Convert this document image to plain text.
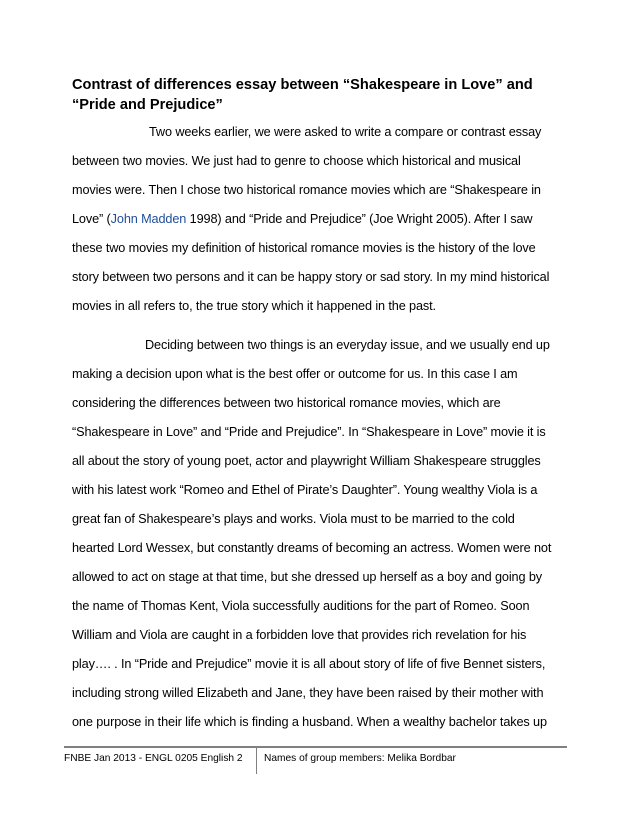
Contrast of differences essay between “Shakespeare in Love” and
“Pride and Prejudice”
Two weeks earlier, we were asked to write a compare or contrast essay
between two movies. We just had to genre to choose which historical and musical
movies were. Then I chose two historical romance movies which are “Shakespeare in
Love” (John Madden 1998) and “Pride and Prejudice” (Joe Wright 2005). After I saw
these two movies my definition of historical romance movies is the history of the love
story between two persons and it can be happy story or sad story. In my mind historical
movies in all refers to, the true story which it happened in the past.
Deciding between two things is an everyday issue, and we usually end up
making a decision upon what is the best offer or outcome for us. In this case I am
considering the differences between two historical romance movies, which are
“Shakespeare in Love” and “Pride and Prejudice”. In “Shakespeare in Love” movie it is
all about the story of young poet, actor and playwright William Shakespeare struggles
with his latest work “Romeo and Ethel of Pirate’s Daughter”. Young wealthy Viola is a
great fan of Shakespeare’s plays and works. Viola must to be married to the cold
hearted Lord Wessex, but constantly dreams of becoming an actress. Women were not
allowed to act on stage at that time, but she dressed up herself as a boy and going by
the name of Thomas Kent, Viola successfully auditions for the part of Romeo. Soon
William and Viola are caught in a forbidden love that provides rich revelation for his
play…. . In “Pride and Prejudice” movie it is all about story of life of five Bennet sisters,
including strong willed Elizabeth and Jane, they have been raised by their mother with
one purpose in their life which is finding a husband. When a wealthy bachelor takes up
FNBE Jan 2013 - ENGL 0205 English 2 Names of group members: Melika Bordbar
